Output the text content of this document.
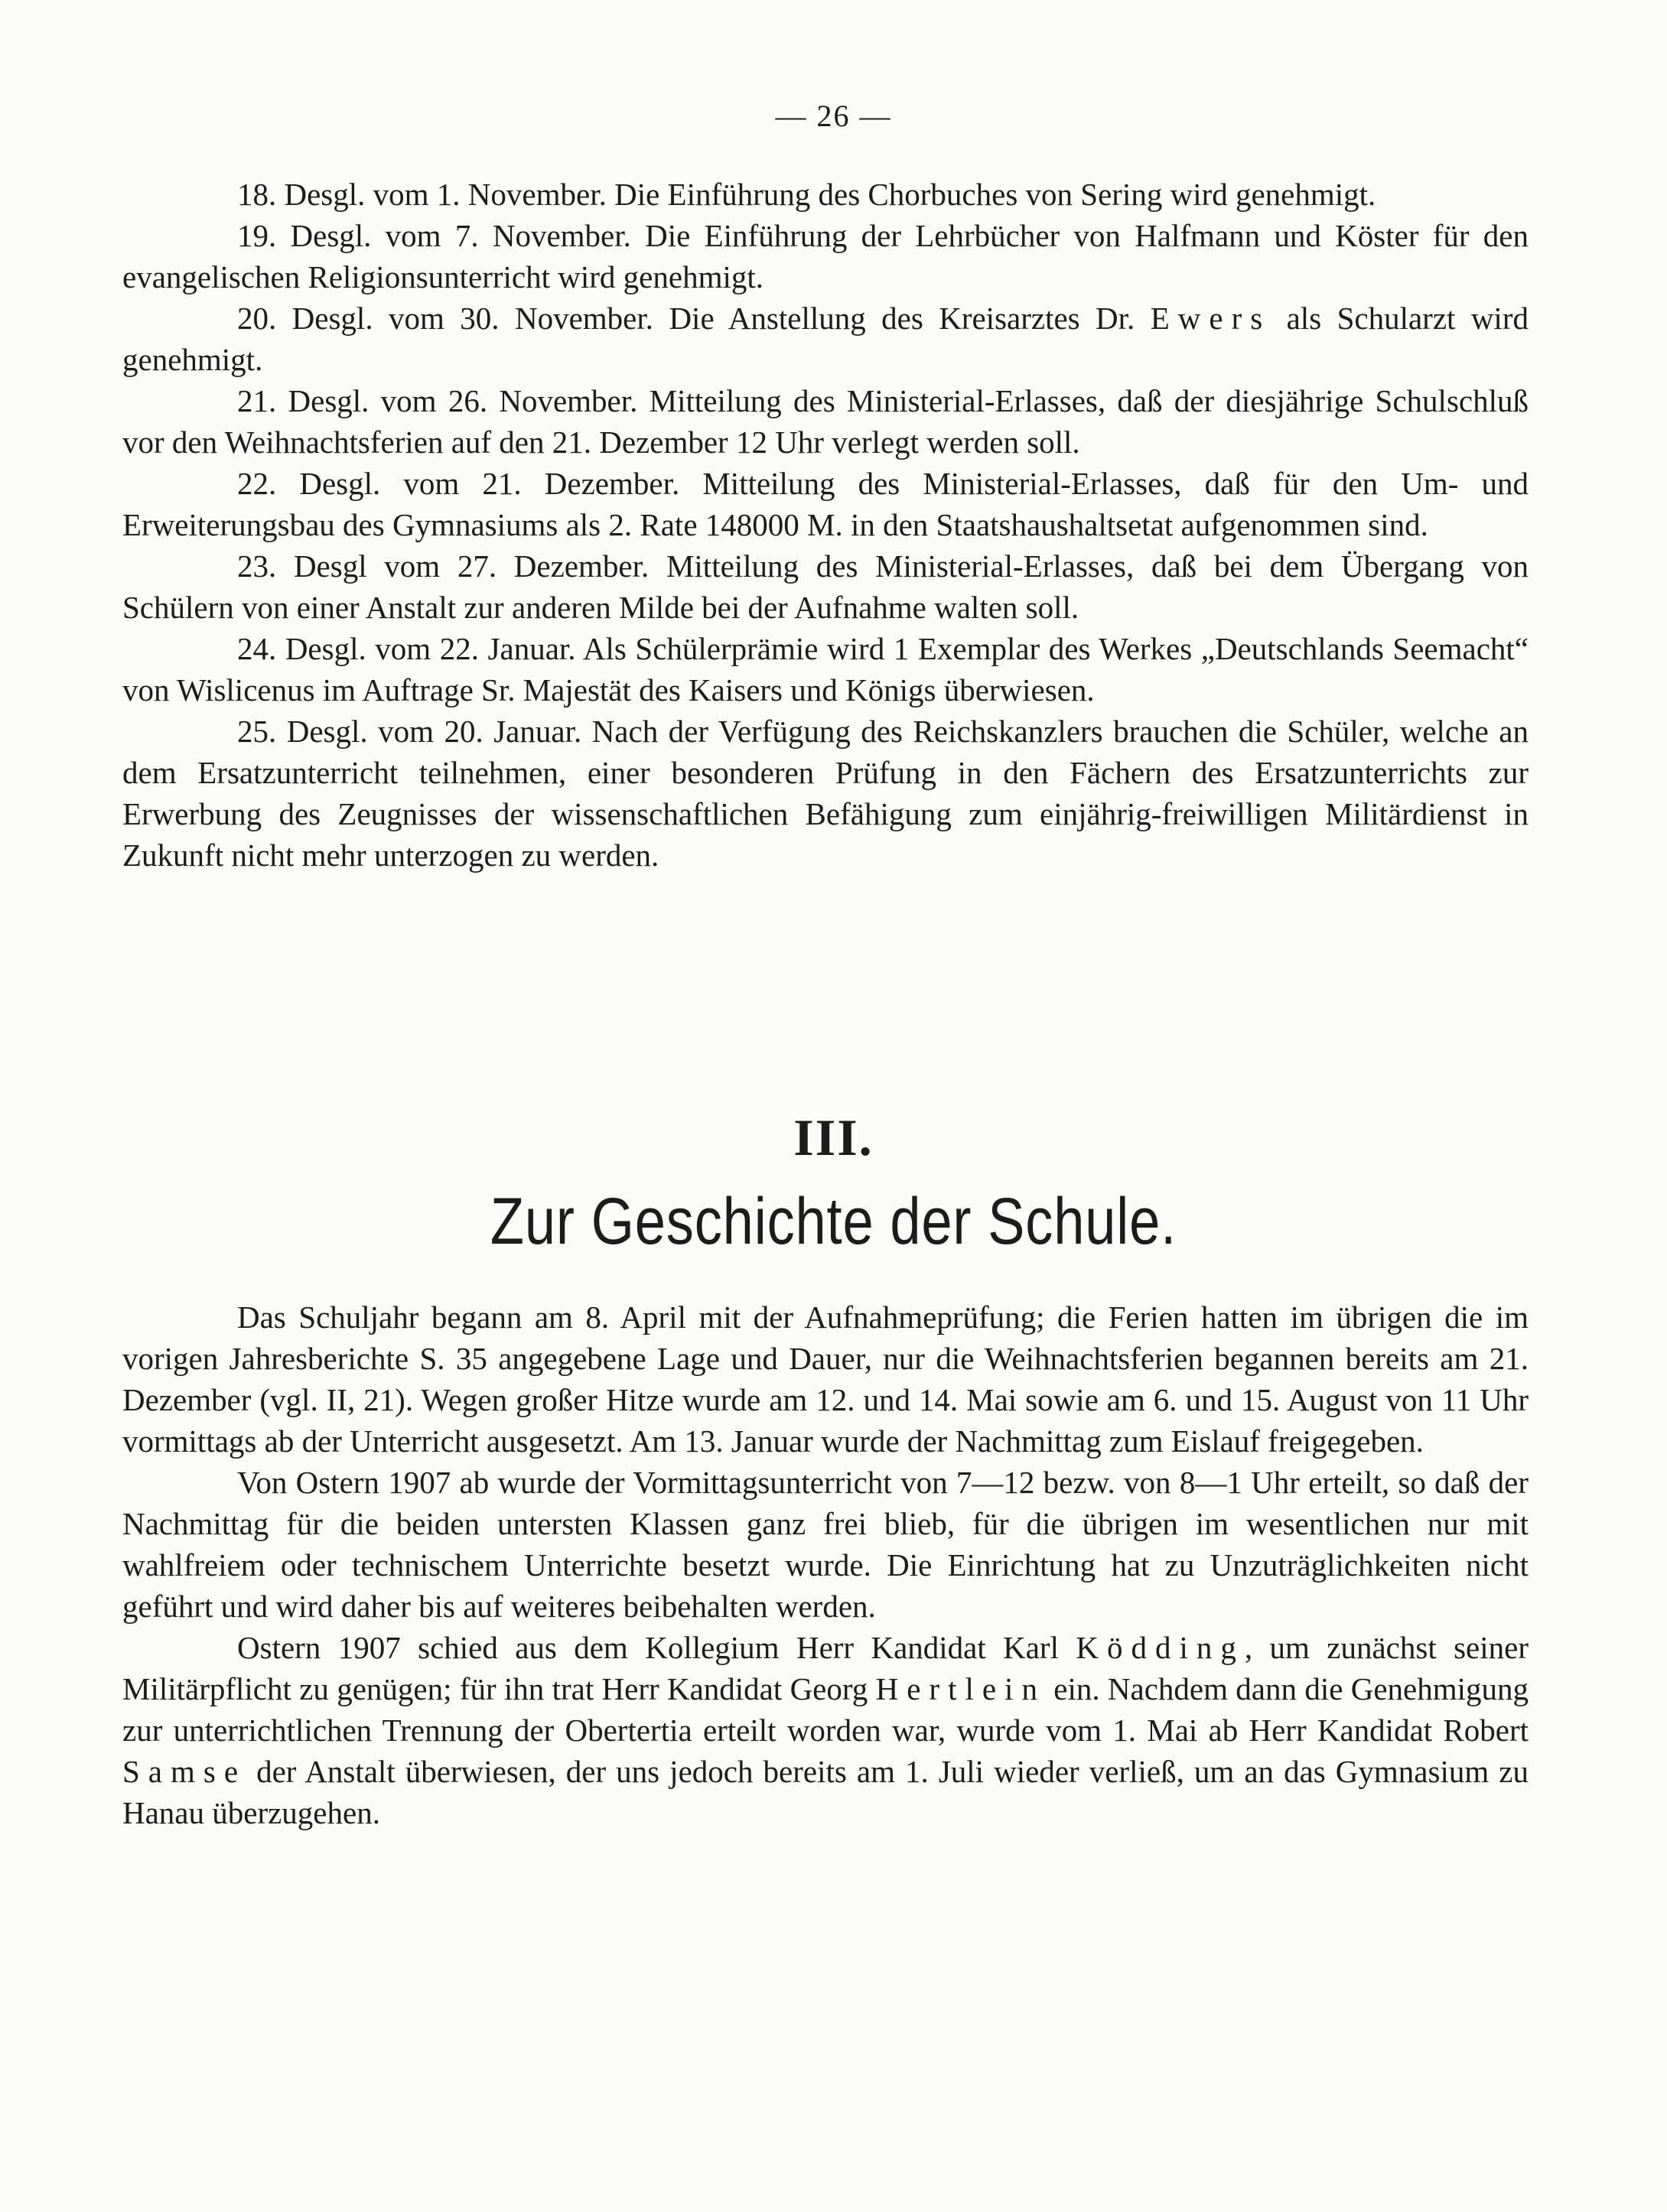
— 26 —

18. Desgl. vom 1. November. Die Einführung des Chorbuches von Sering wird genehmigt.

19. Desgl. vom 7. November. Die Einführung der Lehrbücher von Halfmann und Köster für den evangelischen Religionsunterricht wird genehmigt.

20. Desgl. vom 30. November. Die Anstellung des Kreisarztes Dr. Ewers als Schularzt wird genehmigt.

21. Desgl. vom 26. November. Mitteilung des Ministerial-Erlasses, daß der diesjährige Schulschluß vor den Weihnachtsferien auf den 21. Dezember 12 Uhr verlegt werden soll.

22. Desgl. vom 21. Dezember. Mitteilung des Ministerial-Erlasses, daß für den Um- und Erweiterungsbau des Gymnasiums als 2. Rate 148000 M. in den Staatshaushaltsetat aufgenommen sind.

23. Desgl vom 27. Dezember. Mitteilung des Ministerial-Erlasses, daß bei dem Übergang von Schülern von einer Anstalt zur anderen Milde bei der Aufnahme walten soll.

24. Desgl. vom 22. Januar. Als Schülerprämie wird 1 Exemplar des Werkes „Deutschlands Seemacht“ von Wislicenus im Auftrage Sr. Majestät des Kaisers und Königs überwiesen.

25. Desgl. vom 20. Januar. Nach der Verfügung des Reichskanzlers brauchen die Schüler, welche an dem Ersatzunterricht teilnehmen, einer besonderen Prüfung in den Fächern des Ersatzunterrichts zur Erwerbung des Zeugnisses der wissenschaftlichen Befähigung zum einjährig-freiwilligen Militärdienst in Zukunft nicht mehr unterzogen zu werden.

III.
Zur Geschichte der Schule.

Das Schuljahr begann am 8. April mit der Aufnahmeprüfung; die Ferien hatten im übrigen die im vorigen Jahresberichte S. 35 angegebene Lage und Dauer, nur die Weihnachtsferien begannen bereits am 21. Dezember (vgl. II, 21). Wegen großer Hitze wurde am 12. und 14. Mai sowie am 6. und 15. August von 11 Uhr vormittags ab der Unterricht ausgesetzt. Am 13. Januar wurde der Nachmittag zum Eislauf freigegeben.

Von Ostern 1907 ab wurde der Vormittagsunterricht von 7—12 bezw. von 8—1 Uhr erteilt, so daß der Nachmittag für die beiden untersten Klassen ganz frei blieb, für die übrigen im wesentlichen nur mit wahlfreiem oder technischem Unterrichte besetzt wurde. Die Einrichtung hat zu Unzuträglichkeiten nicht geführt und wird daher bis auf weiteres beibehalten werden.

Ostern 1907 schied aus dem Kollegium Herr Kandidat Karl Ködding, um zunächst seiner Militärpflicht zu genügen; für ihn trat Herr Kandidat Georg Hertlein ein. Nachdem dann die Genehmigung zur unterrichtlichen Trennung der Obertertia erteilt worden war, wurde vom 1. Mai ab Herr Kandidat Robert Samse der Anstalt überwiesen, der uns jedoch bereits am 1. Juli wieder verließ, um an das Gymnasium zu Hanau überzugehen.
